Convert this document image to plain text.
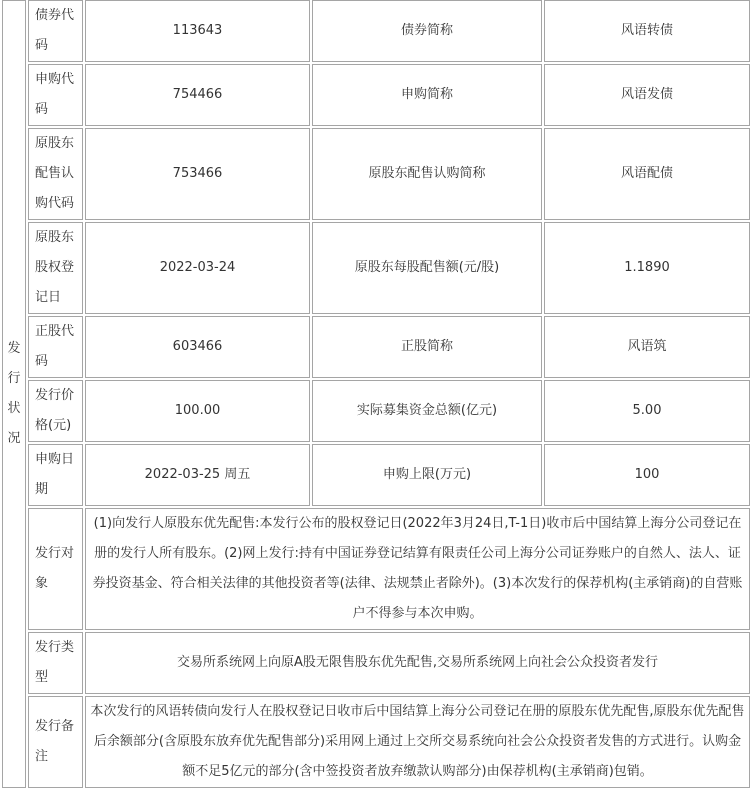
发行状况	债券代码	113643	债券简称	风语转债
	申购代码	754466	申购简称	风语发债
	原股东配售认购代码	753466	原股东配售认购简称	风语配债
	原股东股权登记日	2022-03-24	原股东每股配售额(元/股)	1.1890
	正股代码	603466	正股简称	风语筑
	发行价格(元)	100.00	实际募集资金总额(亿元)	5.00
	申购日期	2022-03-25 周五	申购上限(万元)	100
	发行对象	(1)向发行人原股东优先配售:本发行公布的股权登记日(2022年3月24日,T-1日)收市后中国结算上海分公司登记在册的发行人所有股东。(2)网上发行:持有中国证券登记结算有限责任公司上海分公司证券账户的自然人、法人、证券投资基金、符合相关法律的其他投资者等(法律、法规禁止者除外)。(3)本次发行的保荐机构(主承销商)的自营账户不得参与本次申购。		
	发行类型	交易所系统网上向原A股无限售股东优先配售,交易所系统网上向社会公众投资者发行		
	发行备注	本次发行的风语转债向发行人在股权登记日收市后中国结算上海分公司登记在册的原股东优先配售,原股东优先配售后余额部分(含原股东放弃优先配售部分)采用网上通过上交所交易系统向社会公众投资者发售的方式进行。认购金额不足5亿元的部分(含中签投资者放弃缴款认购部分)由保荐机构(主承销商)包销。		
